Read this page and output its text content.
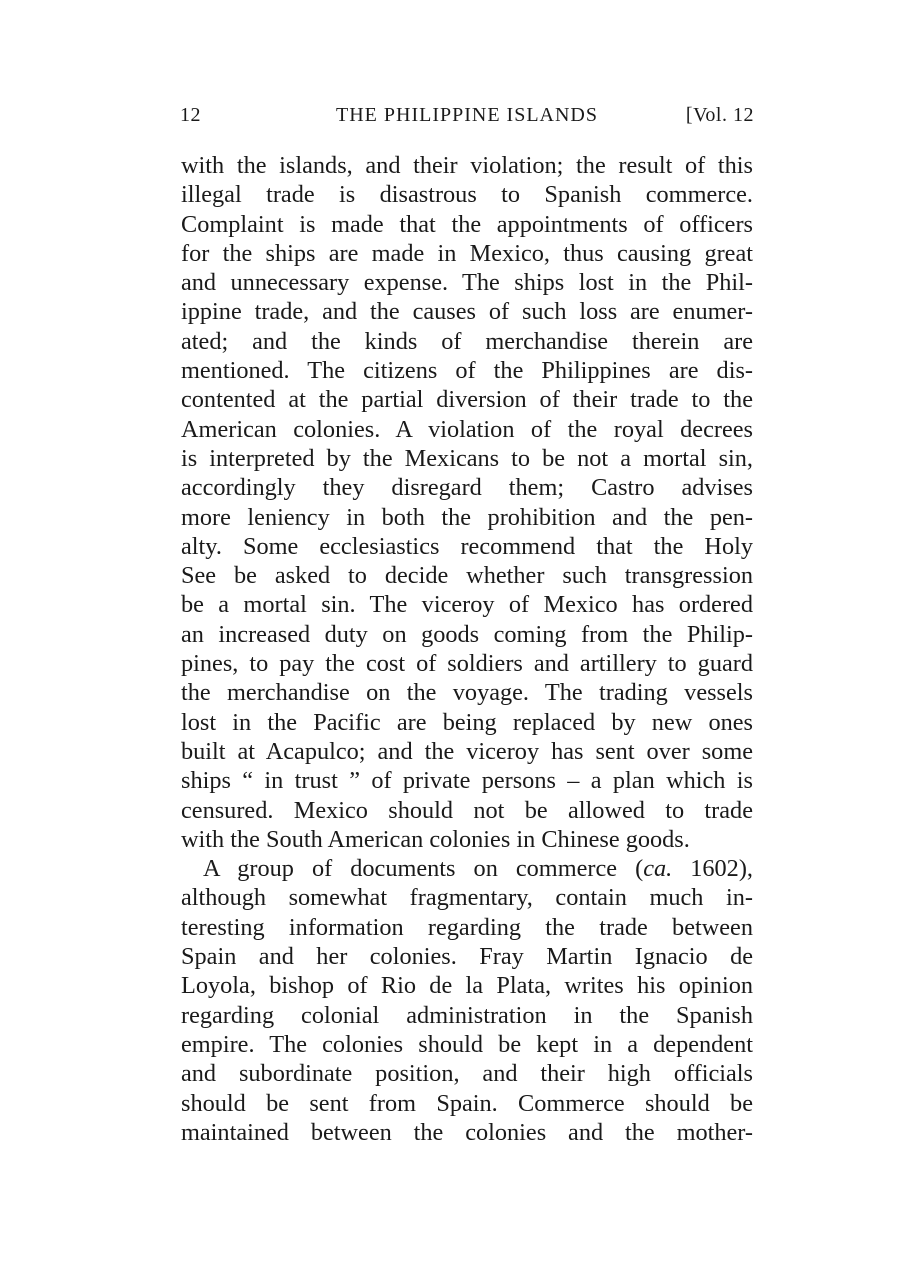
12	THE PHILIPPINE ISLANDS	[Vol. 12
with the islands, and their violation; the result of this
illegal trade is disastrous to Spanish commerce.
Complaint is made that the appointments of officers
for the ships are made in Mexico, thus causing great
and unnecessary expense. The ships lost in the Phil-
ippine trade, and the causes of such loss are enumer-
ated; and the kinds of merchandise therein are
mentioned. The citizens of the Philippines are dis-
contented at the partial diversion of their trade to the
American colonies. A violation of the royal decrees
is interpreted by the Mexicans to be not a mortal sin,
accordingly they disregard them; Castro advises
more leniency in both the prohibition and the pen-
alty. Some ecclesiastics recommend that the Holy
See be asked to decide whether such transgression
be a mortal sin. The viceroy of Mexico has ordered
an increased duty on goods coming from the Philip-
pines, to pay the cost of soldiers and artillery to guard
the merchandise on the voyage. The trading vessels
lost in the Pacific are being replaced by new ones
built at Acapulco; and the viceroy has sent over some
ships “ in trust ” of private persons – a plan which is
censured. Mexico should not be allowed to trade
with the South American colonies in Chinese goods.
A group of documents on commerce (ca. 1602),
although somewhat fragmentary, contain much in-
teresting information regarding the trade between
Spain and her colonies. Fray Martin Ignacio de
Loyola, bishop of Rio de la Plata, writes his opinion
regarding colonial administration in the Spanish
empire. The colonies should be kept in a dependent
and subordinate position, and their high officials
should be sent from Spain. Commerce should be
maintained between the colonies and the mother-
